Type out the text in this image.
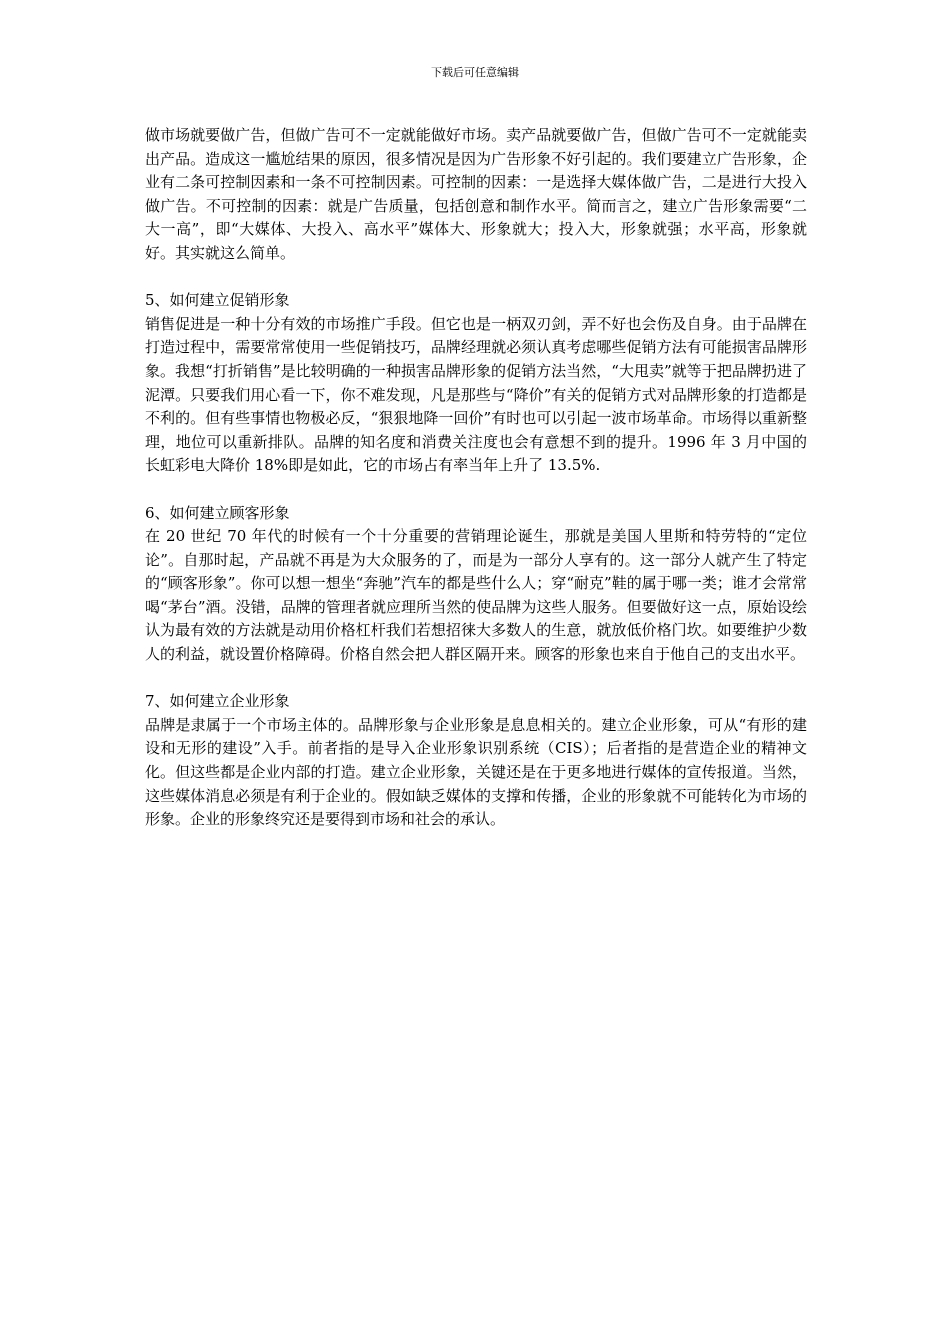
下载后可任意编辑

做市场就要做广告，但做广告可不一定就能做好市场。卖产品就要做广告，但做广告可不一定就能卖出产品。造成这一尴尬结果的原因，很多情况是因为广告形象不好引起的。我们要建立广告形象，企业有二条可控制因素和一条不可控制因素。可控制的因素：一是选择大媒体做广告，二是进行大投入做广告。不可控制的因素：就是广告质量，包括创意和制作水平。简而言之，建立广告形象需要“二大一高”，即“大媒体、大投入、高水平”媒体大、形象就大；投入大，形象就强；水平高，形象就好。其实就这么简单。

5、如何建立促销形象

销售促进是一种十分有效的市场推广手段。但它也是一柄双刃剑，弄不好也会伤及自身。由于品牌在打造过程中，需要常常使用一些促销技巧，品牌经理就必须认真考虑哪些促销方法有可能损害品牌形象。我想“打折销售”是比较明确的一种损害品牌形象的促销方法当然，“大甩卖”就等于把品牌扔进了泥潭。只要我们用心看一下，你不难发现，凡是那些与“降价”有关的促销方式对品牌形象的打造都是不利的。但有些事情也物极必反，“狠狠地降一回价”有时也可以引起一波市场革命。市场得以重新整理，地位可以重新排队。品牌的知名度和消费关注度也会有意想不到的提升。1996 年 3 月中国的长虹彩电大降价 18%即是如此，它的市场占有率当年上升了 13.5%.

6、如何建立顾客形象

在 20 世纪 70 年代的时候有一个十分重要的营销理论诞生，那就是美国人里斯和特劳特的“定位论”。自那时起，产品就不再是为大众服务的了，而是为一部分人享有的。这一部分人就产生了特定的“顾客形象”。你可以想一想坐“奔驰”汽车的都是些什么人；穿“耐克”鞋的属于哪一类；谁才会常常喝“茅台”酒。没错，品牌的管理者就应理所当然的使品牌为这些人服务。但要做好这一点，原始设绘认为最有效的方法就是动用价格杠杆我们若想招徕大多数人的生意，就放低价格门坎。如要维护少数人的利益，就设置价格障碍。价格自然会把人群区隔开来。顾客的形象也来自于他自己的支出水平。

7、如何建立企业形象

品牌是隶属于一个市场主体的。品牌形象与企业形象是息息相关的。建立企业形象，可从“有形的建设和无形的建设”入手。前者指的是导入企业形象识别系统（CIS）；后者指的是营造企业的精神文化。但这些都是企业内部的打造。建立企业形象，关键还是在于更多地进行媒体的宣传报道。当然，这些媒体消息必须是有利于企业的。假如缺乏媒体的支撑和传播，企业的形象就不可能转化为市场的形象。企业的形象终究还是要得到市场和社会的承认。
